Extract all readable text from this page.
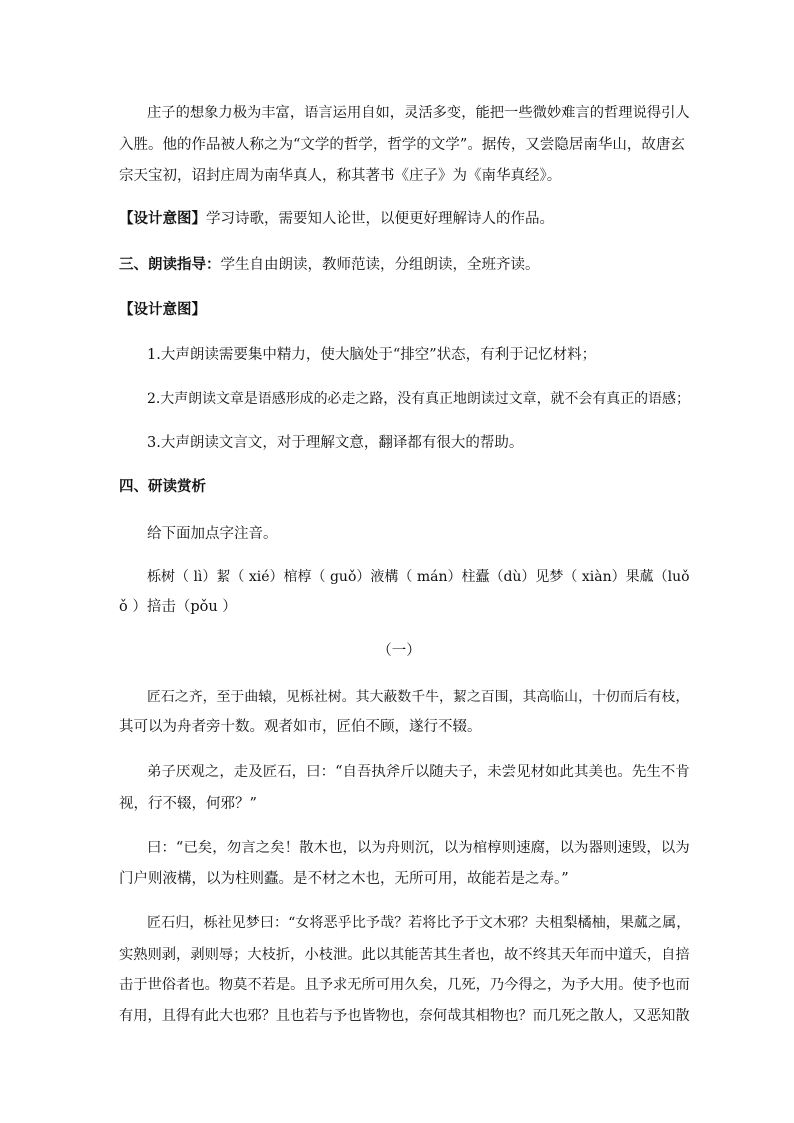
庄子的想象力极为丰富，语言运用自如，灵活多变，能把一些微妙难言的哲理说得引人

入胜。他的作品被人称之为“文学的哲学，哲学的文学”。据传，又尝隐居南华山，故唐玄

宗天宝初，诏封庄周为南华真人，称其著书《庄子》为《南华真经》。

【设计意图】学习诗歌，需要知人论世，以便更好理解诗人的作品。

三、朗读指导：学生自由朗读，教师范读，分组朗读，全班齐读。

【设计意图】

1.大声朗读需要集中精力，使大脑处于“排空”状态，有利于记忆材料；

2.大声朗读文章是语感形成的必走之路，没有真正地朗读过文章，就不会有真正的语感；

3.大声朗读文言文，对于理解文意，翻译都有很大的帮助。

四、研读赏析

给下面加点字注音。

栎树（ lì）絜（ xié）棺椁（ guǒ）液構（ mán）柱蠹（dù）见梦（ xiàn）果蓏（luǒ

ǒ ）掊击（pǒu ）

（一）

匠石之齐，至于曲辕，见栎社树。其大蔽数千牛，絜之百围，其高临山，十仞而后有枝，

其可以为舟者旁十数。观者如市，匠伯不顾，遂行不辍。

弟子厌观之，走及匠石，曰：“自吾执斧斤以随夫子，未尝见材如此其美也。先生不肯

视，行不辍，何邪？”

曰：“已矣，勿言之矣！散木也，以为舟则沉，以为棺椁则速腐，以为器则速毁，以为

门户则液構，以为柱则蠹。是不材之木也，无所可用，故能若是之寿。”

匠石归，栎社见梦曰：“女将恶乎比予哉？若将比予于文木邪？夫柤梨橘柚，果蓏之属，

实熟则剥，剥则辱；大枝折，小枝泄。此以其能苦其生者也，故不终其天年而中道夭，自掊

击于世俗者也。物莫不若是。且予求无所可用久矣，几死，乃今得之，为予大用。使予也而

有用，且得有此大也邪？且也若与予也皆物也，奈何哉其相物也？而几死之散人，又恶知散
